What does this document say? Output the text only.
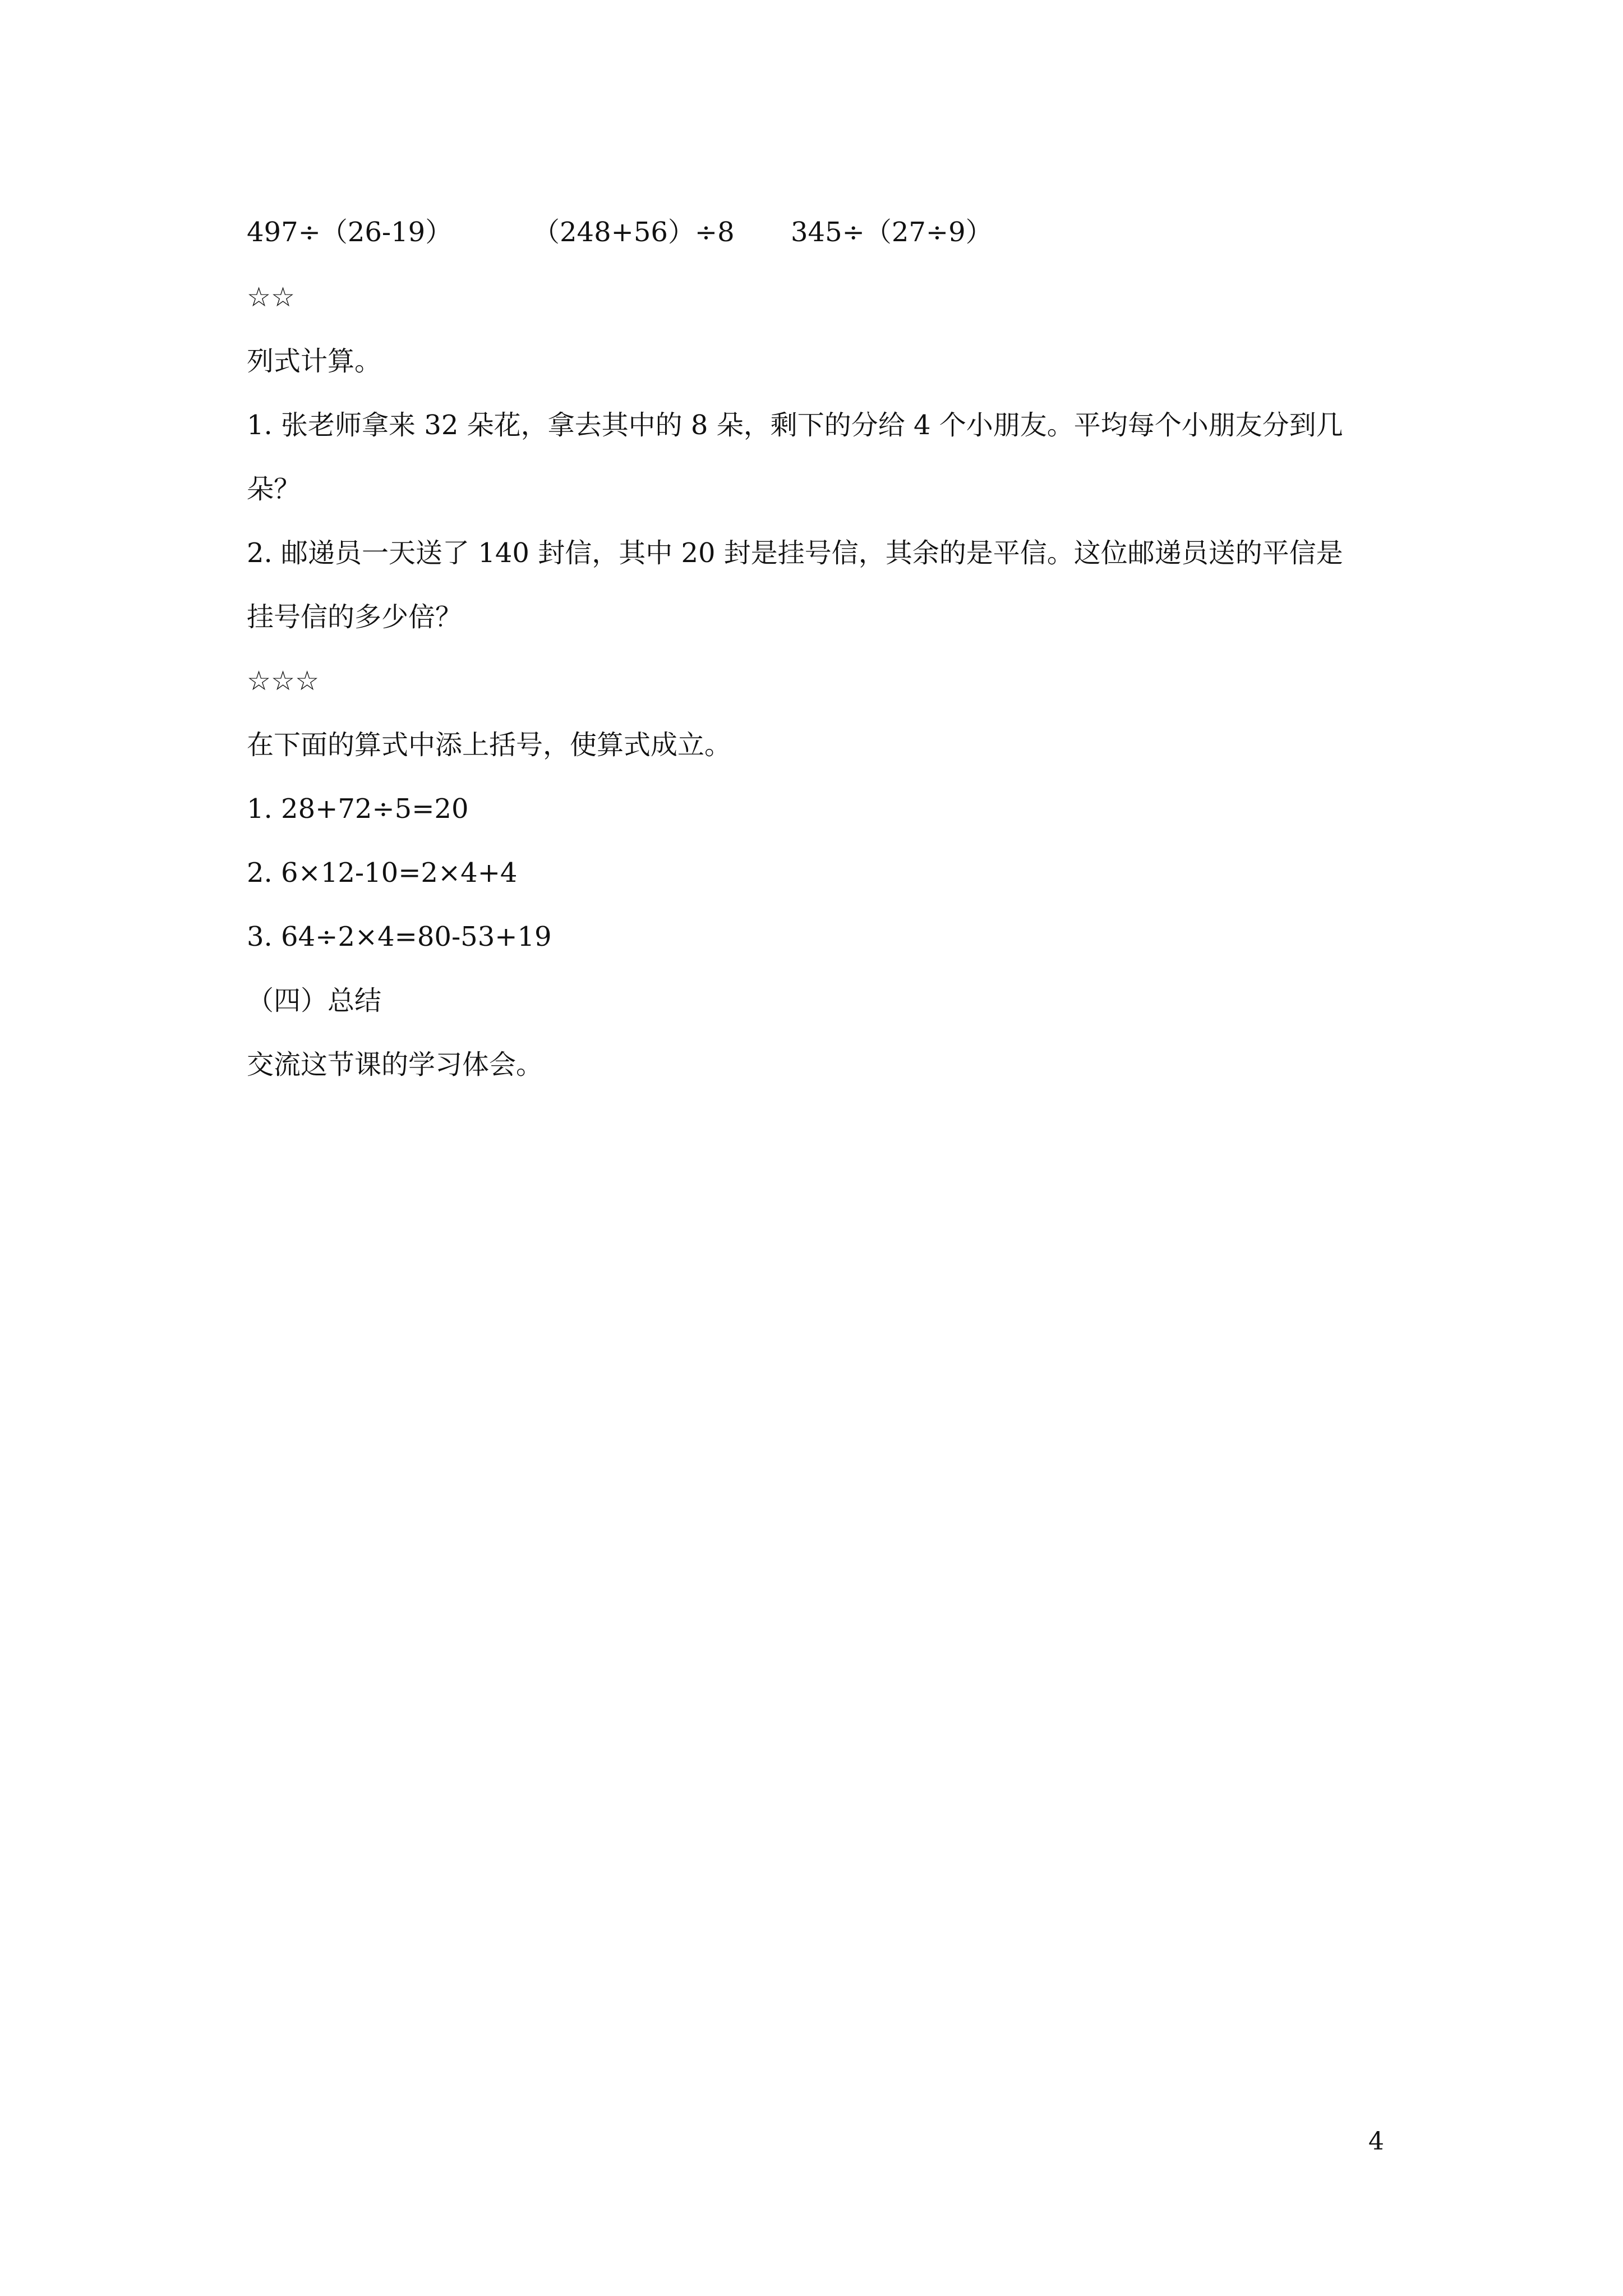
497÷（26-19）	（248+56）÷8 345÷（27÷9）
☆☆
列式计算。
1. 张老师拿来 32 朵花，拿去其中的 8 朵，剩下的分给 4 个小朋友。平均每个小朋友分到几
朵？
2. 邮递员一天送了 140 封信，其中 20 封是挂号信，其余的是平信。这位邮递员送的平信是
挂号信的多少倍？
☆☆☆
在下面的算式中添上括号，使算式成立。
1. 28+72÷5=20
2. 6×12-10=2×4+4
3. 64÷2×4=80-53+19
（四）总结
交流这节课的学习体会。
4
